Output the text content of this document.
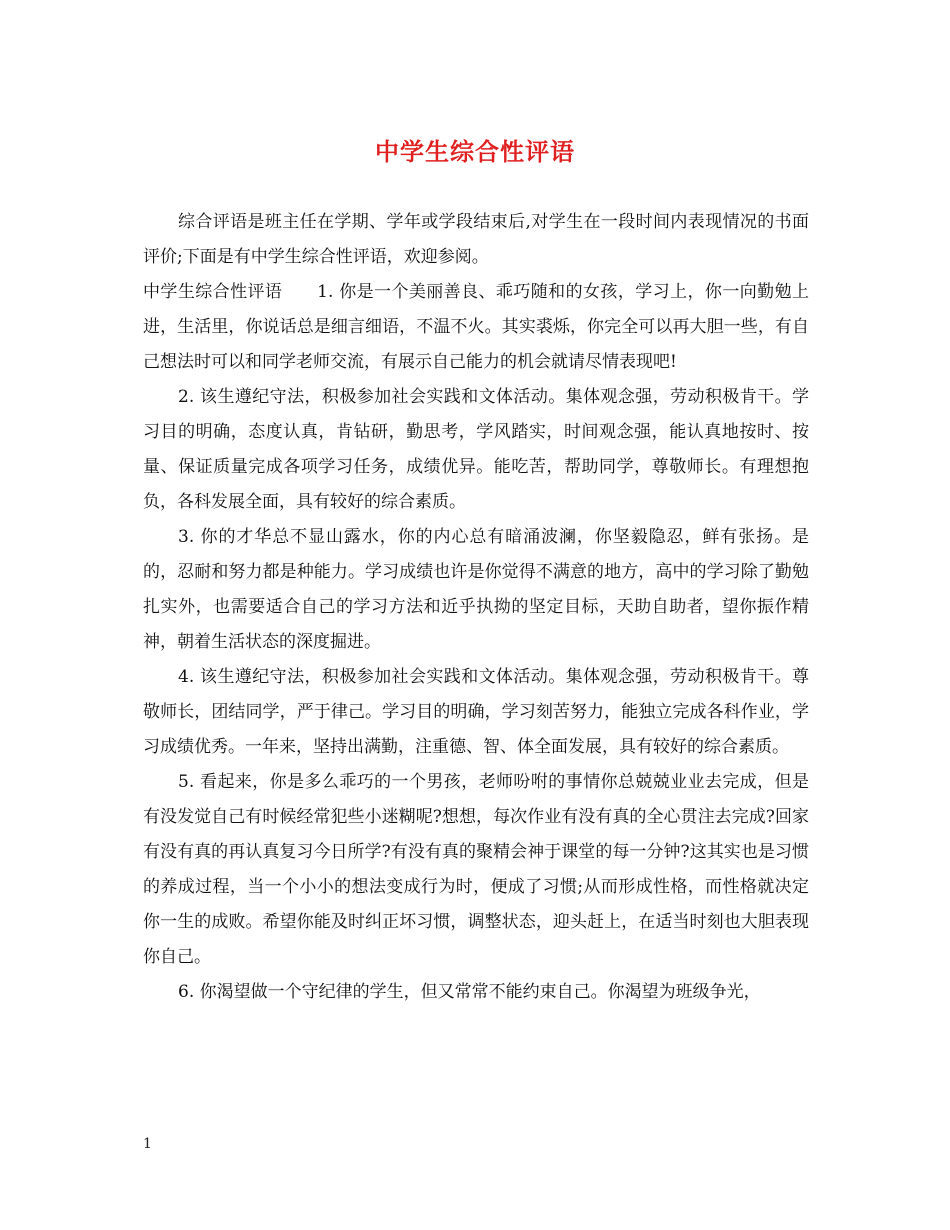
中学生综合性评语

综合评语是班主任在学期、学年或学段结束后,对学生在一段时间内表现情况的书面评价;下面是有中学生综合性评语，欢迎参阅。

中学生综合性评语　　1. 你是一个美丽善良、乖巧随和的女孩，学习上，你一向勤勉上进，生活里，你说话总是细言细语，不温不火。其实裘烁，你完全可以再大胆一些，有自己想法时可以和同学老师交流，有展示自己能力的机会就请尽情表现吧!

2. 该生遵纪守法，积极参加社会实践和文体活动。集体观念强，劳动积极肯干。学习目的明确，态度认真，肯钻研，勤思考，学风踏实，时间观念强，能认真地按时、按量、保证质量完成各项学习任务，成绩优异。能吃苦，帮助同学，尊敬师长。有理想抱负，各科发展全面，具有较好的综合素质。

3. 你的才华总不显山露水，你的内心总有暗涌波澜，你坚毅隐忍，鲜有张扬。是的，忍耐和努力都是种能力。学习成绩也许是你觉得不满意的地方，高中的学习除了勤勉扎实外，也需要适合自己的学习方法和近乎执拗的坚定目标，天助自助者，望你振作精神，朝着生活状态的深度掘进。

4. 该生遵纪守法，积极参加社会实践和文体活动。集体观念强，劳动积极肯干。尊敬师长，团结同学，严于律己。学习目的明确，学习刻苦努力，能独立完成各科作业，学习成绩优秀。一年来，坚持出满勤，注重德、智、体全面发展，具有较好的综合素质。

5. 看起来，你是多么乖巧的一个男孩，老师吩咐的事情你总兢兢业业去完成，但是有没发觉自己有时候经常犯些小迷糊呢?想想，每次作业有没有真的全心贯注去完成?回家有没有真的再认真复习今日所学?有没有真的聚精会神于课堂的每一分钟?这其实也是习惯的养成过程，当一个小小的想法变成行为时，便成了习惯;从而形成性格，而性格就决定你一生的成败。希望你能及时纠正坏习惯，调整状态，迎头赶上，在适当时刻也大胆表现你自己。

6. 你渴望做一个守纪律的学生，但又常常不能约束自己。你渴望为班级争光，

1
